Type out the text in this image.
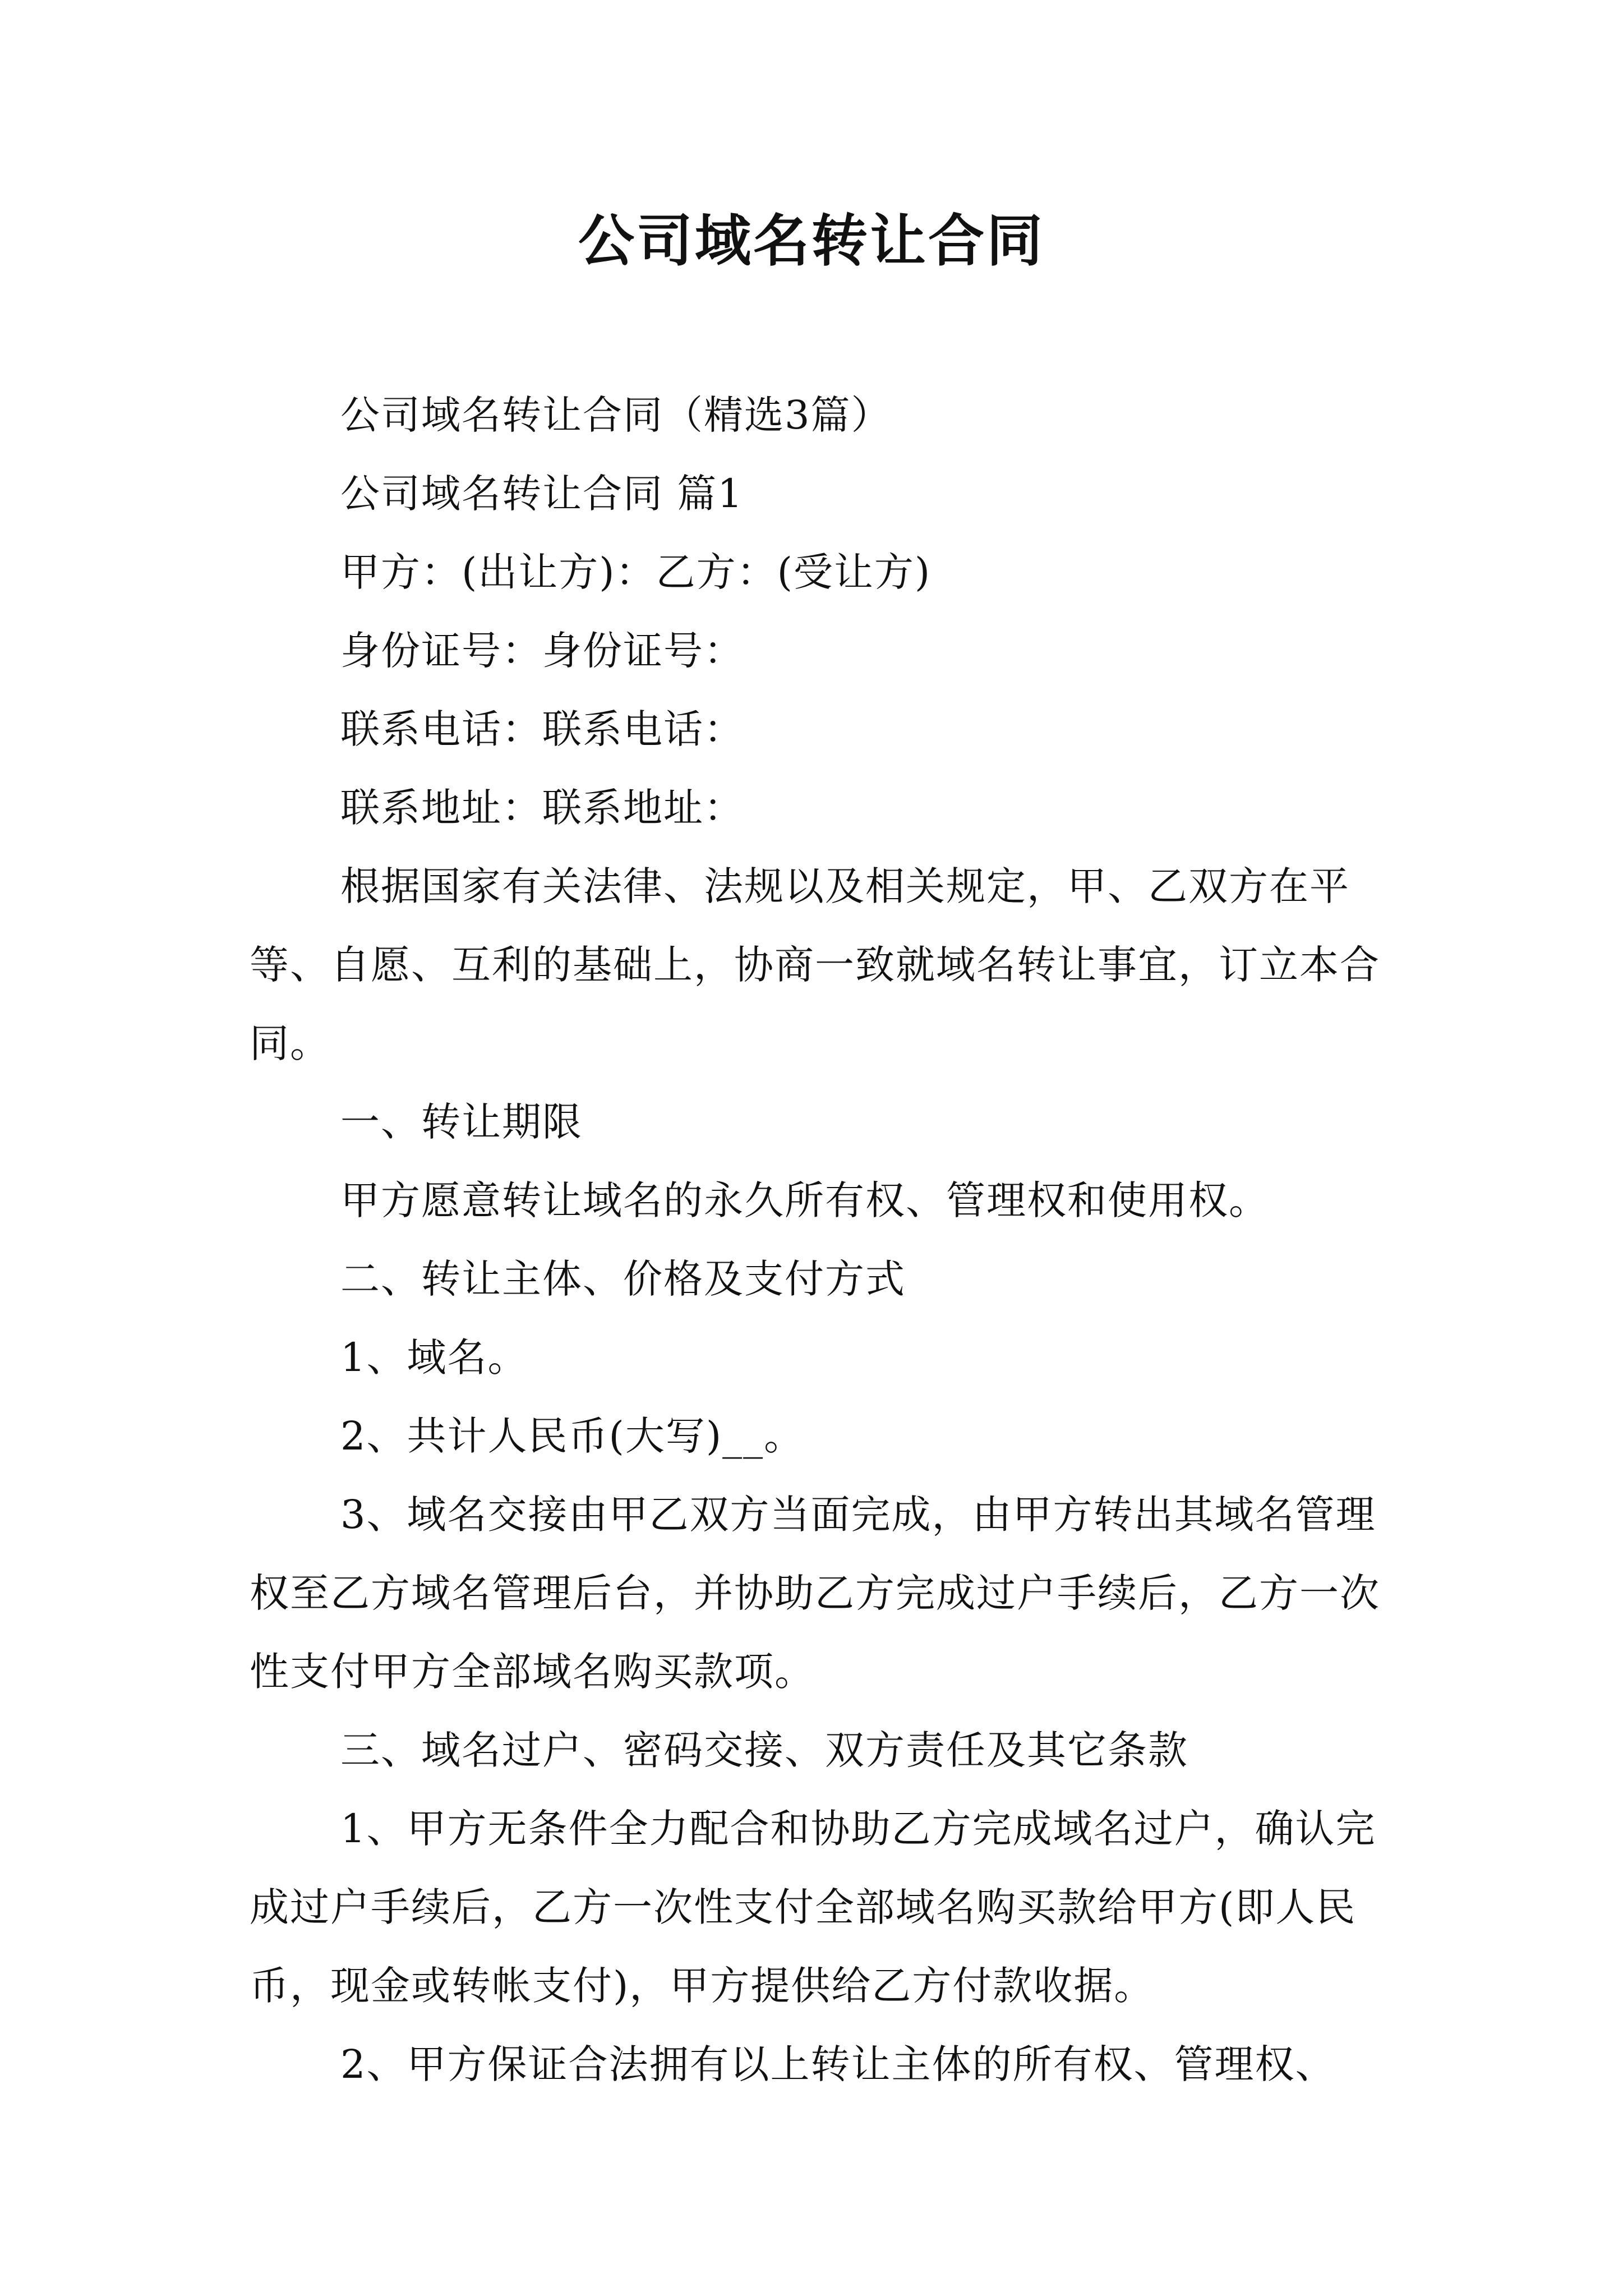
公司域名转让合同

公司域名转让合同（精选3篇）

公司域名转让合同 篇1

甲方：(出让方)：乙方：(受让方)

身份证号：身份证号：

联系电话：联系电话：

联系地址：联系地址：

根据国家有关法律、法规以及相关规定，甲、乙双方在平等、自愿、互利的基础上，协商一致就域名转让事宜，订立本合同。

一、转让期限

甲方愿意转让域名的永久所有权、管理权和使用权。

二、转让主体、价格及支付方式

1、域名。

2、共计人民币(大写)__。

3、域名交接由甲乙双方当面完成，由甲方转出其域名管理权至乙方域名管理后台，并协助乙方完成过户手续后，乙方一次性支付甲方全部域名购买款项。

三、域名过户、密码交接、双方责任及其它条款

1、甲方无条件全力配合和协助乙方完成域名过户，确认完成过户手续后，乙方一次性支付全部域名购买款给甲方(即人民币，现金或转帐支付)，甲方提供给乙方付款收据。

2、甲方保证合法拥有以上转让主体的所有权、管理权、
